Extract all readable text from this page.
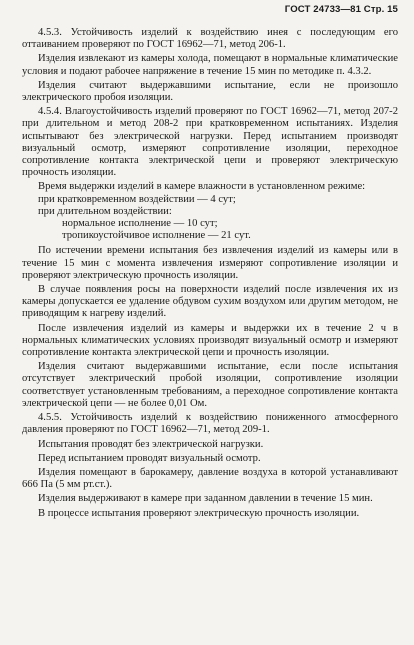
ГОСТ 24733—81 Стр. 15

4.5.3. Устойчивость изделий к воздействию инея с последующим его оттаиванием проверяют по ГОСТ 16962—71, метод 206-1.

Изделия извлекают из камеры холода, помещают в нормальные климатические условия и подают рабочее напряжение в течение 15 мин по методике п. 4.3.2.

Изделия считают выдержавшими испытание, если не произошло электрического пробоя изоляции.

4.5.4. Влагоустойчивость изделий проверяют по ГОСТ 16962—71, метод 207-2 при длительном и метод 208-2 при кратковременном испытаниях. Изделия испытывают без электрической нагрузки. Перед испытанием производят визуальный осмотр, измеряют сопротивление изоляции, переходное сопротивление контакта электрической цепи и проверяют электрическую прочность изоляции.

Время выдержки изделий в камере влажности в установленном режиме:

при кратковременном воздействии — 4 сут;

при длительном воздействии:

нормальное исполнение — 10 сут;

тропикоустойчивое исполнение — 21 сут.

По истечении времени испытания без извлечения изделий из камеры или в течение 15 мин с момента извлечения измеряют сопротивление изоляции и проверяют электрическую прочность изоляции.

В случае появления росы на поверхности изделий после извлечения их из камеры допускается ее удаление обдувом сухим воздухом или другим методом, не приводящим к нагреву изделий.

После извлечения изделий из камеры и выдержки их в течение 2 ч в нормальных климатических условиях производят визуальный осмотр и измеряют сопротивление контакта электрической цепи и прочность изоляции.

Изделия считают выдержавшими испытание, если после испытания отсутствует электрический пробой изоляции, сопротивление изоляции соответствует установленным требованиям, а переходное сопротивление контакта электрической цепи — не более 0,01 Ом.

4.5.5. Устойчивость изделий к воздействию пониженного атмосферного давления проверяют по ГОСТ 16962—71, метод 209-1.

Испытания проводят без электрической нагрузки.

Перед испытанием проводят визуальный осмотр.

Изделия помещают в барокамеру, давление воздуха в которой устанавливают 666 Па (5 мм рт.ст.).

Изделия выдерживают в камере при заданном давлении в течение 15 мин.

В процессе испытания проверяют электрическую прочность изоляции.
